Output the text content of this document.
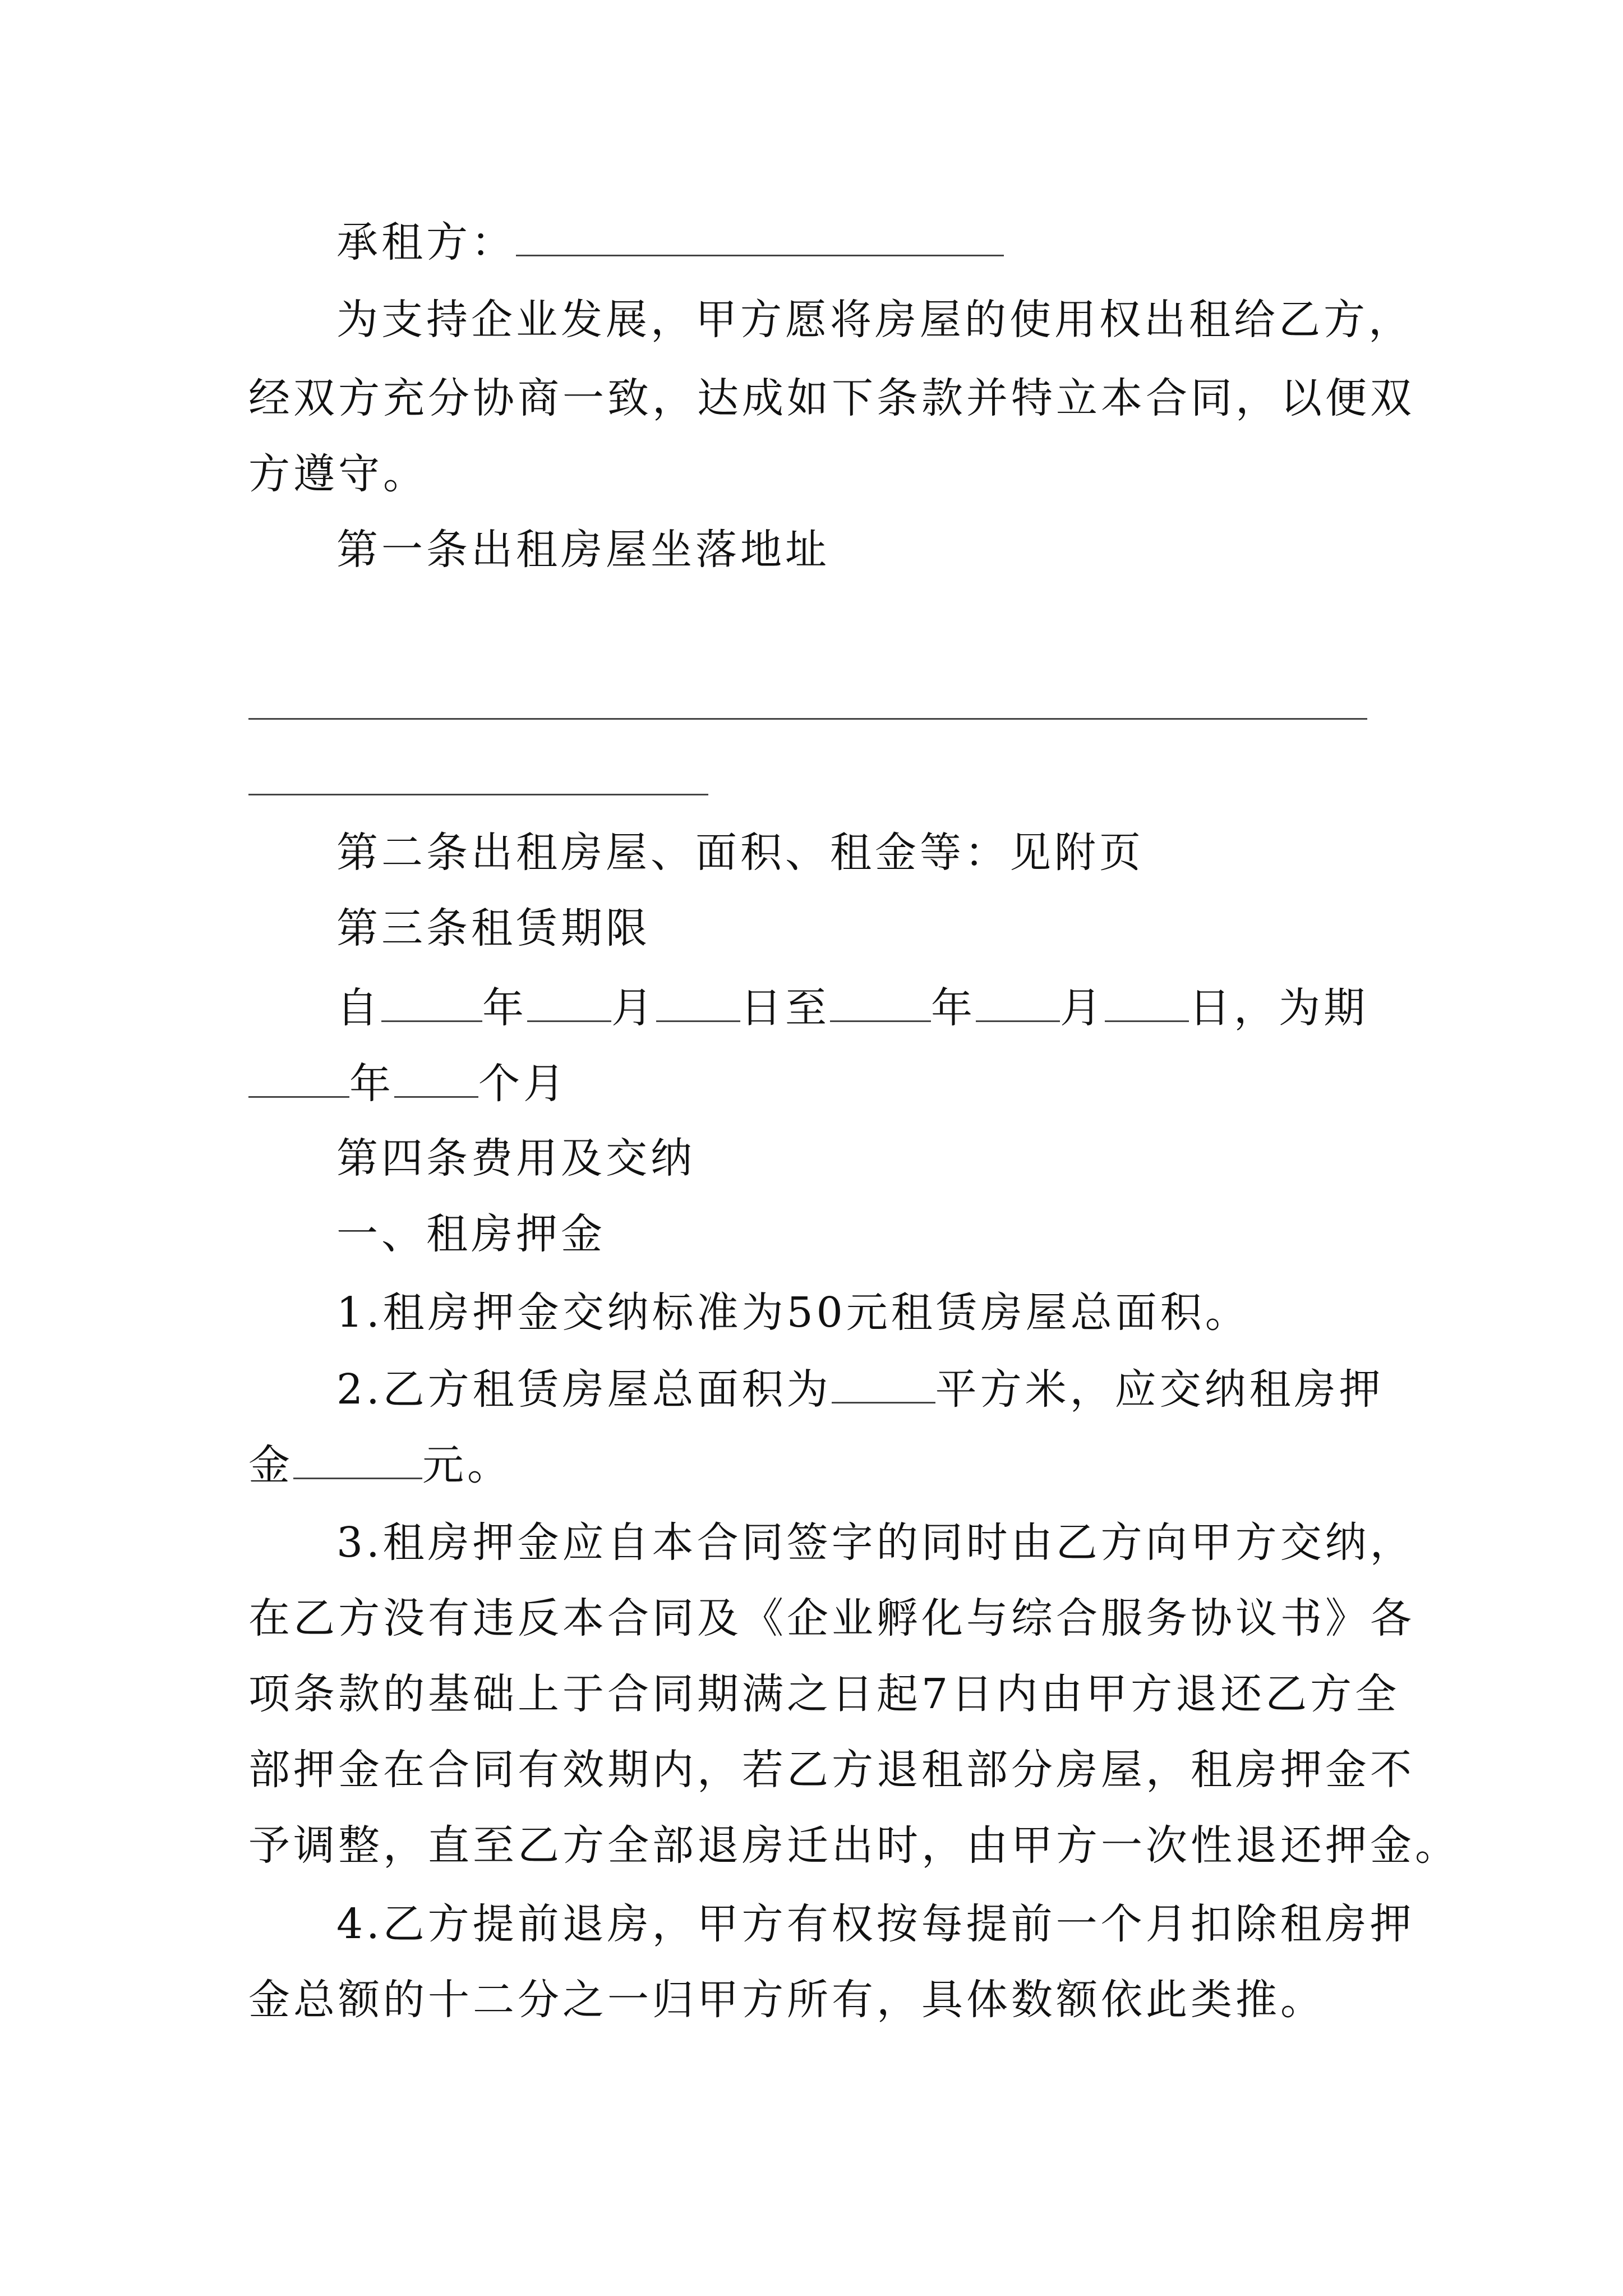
承租方：
为支持企业发展，甲方愿将房屋的使用权出租给乙方，
经双方充分协商一致，达成如下条款并特立本合同，以便双
方遵守。
第一条出租房屋坐落地址
第二条出租房屋、面积、租金等：见附页
第三条租赁期限
自 年 月 日至 年 月 日，为期
年 个月
第四条费用及交纳
一、租房押金
1.租房押金交纳标准为50元租赁房屋总面积。
2.乙方租赁房屋总面积为	平方米，应交纳租房押
金	元。
3.租房押金应自本合同签字的同时由乙方向甲方交纳，
在乙方没有违反本合同及《企业孵化与综合服务协议书》各
项条款的基础上于合同期满之日起7日内由甲方退还乙方全
部押金在合同有效期内，若乙方退租部分房屋，租房押金不
予调整，直至乙方全部退房迁出时，由甲方一次性退还押金。
4.乙方提前退房，甲方有权按每提前一个月扣除租房押
金总额的十二分之一归甲方所有，具体数额依此类推。
